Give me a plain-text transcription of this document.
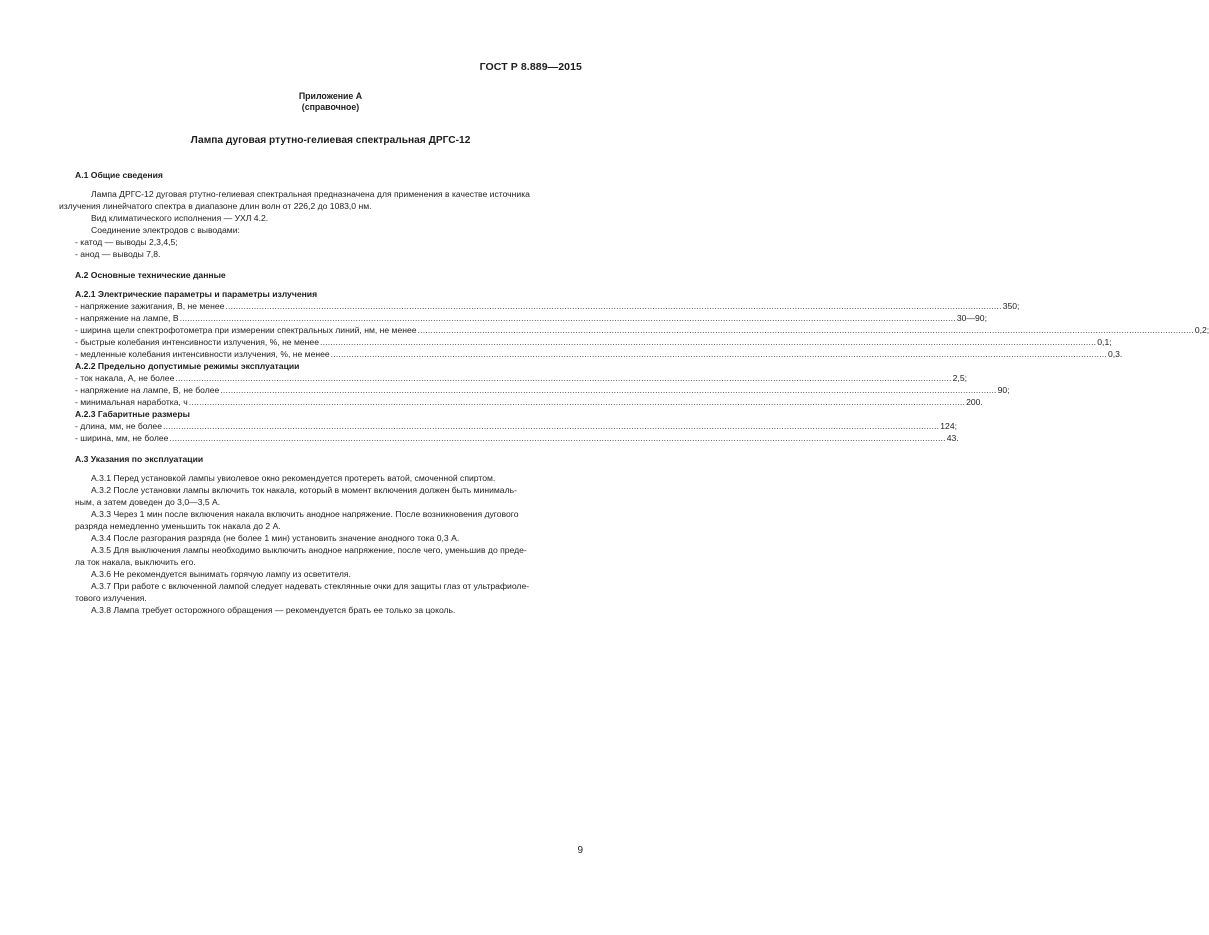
ГОСТ Р 8.889—2015
Приложение А
(справочное)
Лампа дуговая ртутно-гелиевая спектральная ДРГС-12
А.1 Общие сведения
Лампа ДРГС-12 дуговая ртутно-гелиевая спектральная предназначена для применения в качестве источника
излучения линейчатого спектра в диапазоне длин волн от 226,2 до 1083,0 нм.
Вид климатического исполнения — УХЛ 4.2.
Соединение электродов с выводами:
- катод — выводы 2,3,4,5;
- анод — выводы 7,8.
А.2 Основные технические данные
А.2.1 Электрические параметры и параметры излучения
- напряжение зажигания, В, не менее ............................................................................................................................................................................................................................................................................................................ 350;
- напряжение на лампе, В ............................................................................................................................................................................................................................................................................................................ 30—90;
- ширина щели спектрофотометра при измерении спектральных линий, нм, не менее ............................................................................................................................................................................................................................................................................................................ 0,2;
- быстрые колебания интенсивности излучения, %, не менее ............................................................................................................................................................................................................................................................................................................ 0,1;
- медленные колебания интенсивности излучения, %, не менее ............................................................................................................................................................................................................................................................................................................ 0,3.
А.2.2 Предельно допустимые режимы эксплуатации
- ток накала, А, не более ............................................................................................................................................................................................................................................................................................................ 2,5;
- напряжение на лампе, В, не более ............................................................................................................................................................................................................................................................................................................ 90;
- минимальная наработка, ч ............................................................................................................................................................................................................................................................................................................ 200.
А.2.3 Габаритные размеры
- длина, мм, не более ............................................................................................................................................................................................................................................................................................................ 124;
- ширина, мм, не более ............................................................................................................................................................................................................................................................................................................ 43.
А.3 Указания по эксплуатации
А.3.1 Перед установкой лампы увиолевое окно рекомендуется протереть ватой, смоченной спиртом.
А.3.2 После установки лампы включить ток накала, который в момент включения должен быть минималь-
ным, а затем доведен до 3,0—3,5 А.
А.3.3 Через 1 мин после включения накала включить анодное напряжение. После возникновения дугового
разряда немедленно уменьшить ток накала до 2 А.
А.3.4 После разгорания разряда (не более 1 мин) установить значение анодного тока 0,3 А.
А.3.5 Для выключения лампы необходимо выключить анодное напряжение, после чего, уменьшив до преде-
ла ток накала, выключить его.
А.3.6 Не рекомендуется вынимать горячую лампу из осветителя.
А.3.7 При работе с включенной лампой следует надевать стеклянные очки для защиты глаз от ультрафиоле-
тового излучения.
А.3.8 Лампа требует осторожного обращения — рекомендуется брать ее только за цоколь.
9
